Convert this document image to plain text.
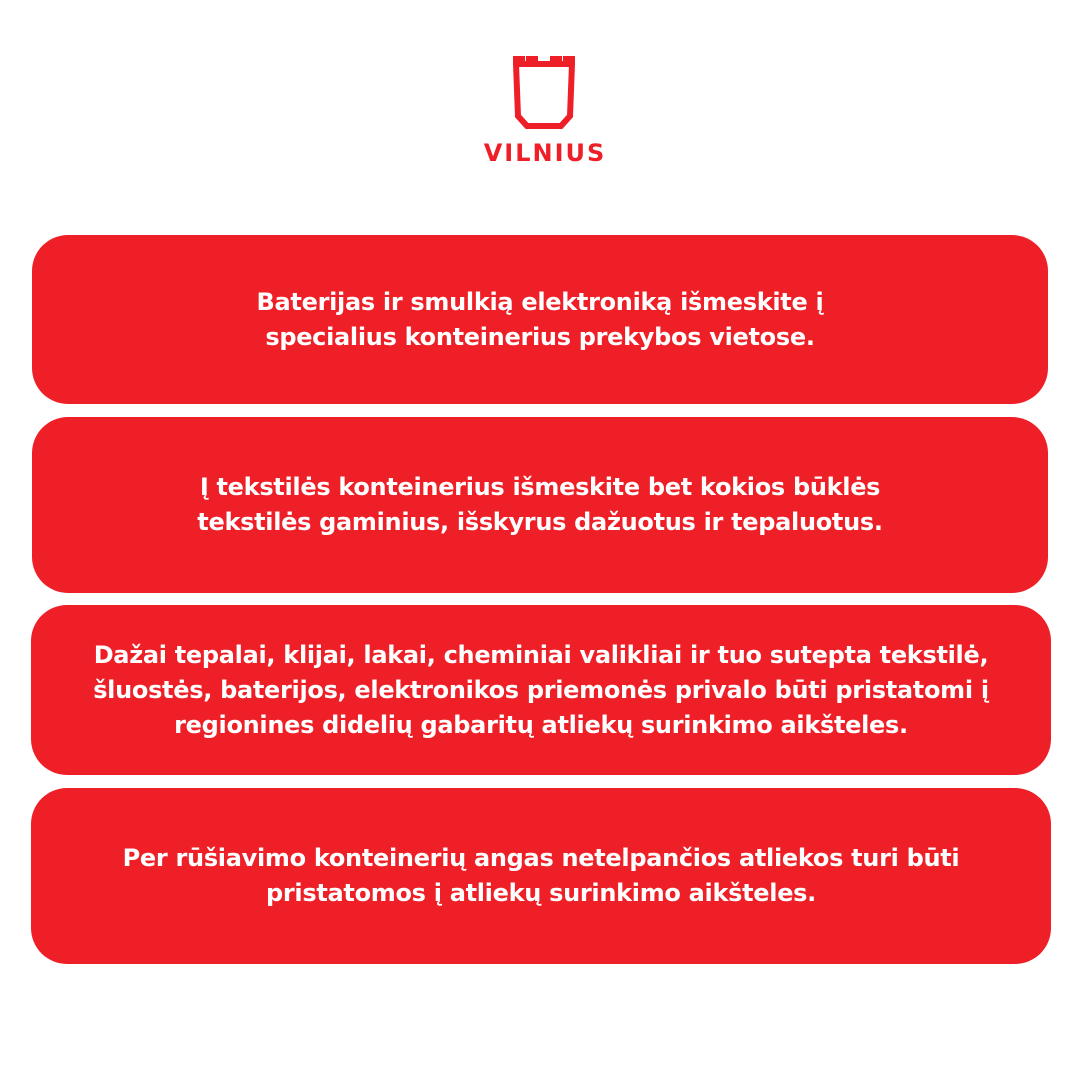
VILNIUS

Baterijas ir smulkią elektroniką išmeskite į
specialius konteinerius prekybos vietose.

Į tekstilės konteinerius išmeskite bet kokios būklės
tekstilės gaminius, išskyrus dažuotus ir tepaluotus.

Dažai tepalai, klijai, lakai, cheminiai valikliai ir tuo sutepta tekstilė,
šluostės, baterijos, elektronikos priemonės privalo būti pristatomi į
regionines didelių gabaritų atliekų surinkimo aikšteles.

Per rūšiavimo konteinerių angas netelpančios atliekos turi būti
pristatomos į atliekų surinkimo aikšteles.
